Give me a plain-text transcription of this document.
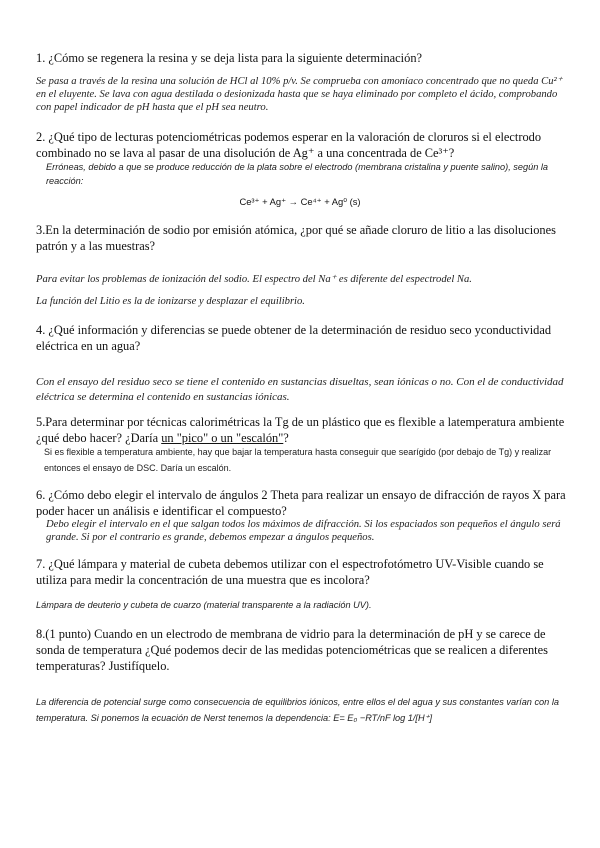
1. ¿Cómo se regenera la resina y se deja lista para la siguiente determinación?
Se pasa a través de la resina una solución de HCl al 10% p/v. Se comprueba con amoníaco concentrado que no queda Cu²⁺ en el eluyente. Se lava con agua destilada o desionizada hasta que se haya eliminado por completo el ácido, comprobando con papel indicador de pH hasta que el pH sea neutro.
2. ¿Qué tipo de lecturas potenciométricas podemos esperar en la valoración de cloruros si el electrodo combinado no se lava al pasar de una disolución de Ag⁺ a una concentrada de Ce³⁺?
Erróneas, debido a que se produce reducción de la plata sobre el electrodo (membrana cristalina y puente salino), según la reacción:
Ce³⁺ + Ag⁺ → Ce⁴⁺ + Ag⁰ (s)
3.En la determinación de sodio por emisión atómica, ¿por qué se añade cloruro de litio a las disoluciones patrón y a las muestras?
Para evitar los problemas de ionización del sodio. El espectro del Na⁺ es diferente del espectrodel Na.
La función del Litio es la de ionizarse y desplazar el equilibrio.
4. ¿Qué información y diferencias se puede obtener de la determinación de residuo seco yconductividad eléctrica en un agua?
Con el ensayo del residuo seco se tiene el contenido en sustancias disueltas, sean iónicas o no. Con el de conductividad eléctrica se determina el contenido en sustancias iónicas.
5.Para determinar por técnicas calorimétricas la Tg de un plástico que es flexible a latemperatura ambiente ¿qué debo hacer? ¿Daría un "pico" o un "escalón"?
Si es flexible a temperatura ambiente, hay que bajar la temperatura hasta conseguir que searígido (por debajo de Tg) y realizar entonces el ensayo de DSC. Daría un escalón.
6. ¿Cómo debo elegir el intervalo de ángulos 2 Theta para realizar un ensayo de difracción de rayos X para poder hacer un análisis e identificar el compuesto?
Debo elegir el intervalo en el que salgan todos los máximos de difracción. Si los espaciados son pequeños el ángulo será grande. Si por el contrario es grande, debemos empezar a ángulos pequeños.
7. ¿Qué lámpara y material de cubeta debemos utilizar con el espectrofotómetro UV-Visible cuando se utiliza para medir la concentración de una muestra que es incolora?
Lámpara de deuterio y cubeta de cuarzo (material transparente a la radiación UV).
8.(1 punto) Cuando en un electrodo de membrana de vidrio para la determinación de pH y se carece de sonda de temperatura ¿Qué podemos decir de las medidas potenciométricas que se realicen a diferentes temperaturas? Justifíquelo.
La diferencia de potencial surge como consecuencia de equilibrios iónicos, entre ellos el del agua y sus constantes varían con la temperatura. Si ponemos la ecuación de Nerst tenemos la dependencia: E= E₀ −RT/nF log 1/[H⁺]
